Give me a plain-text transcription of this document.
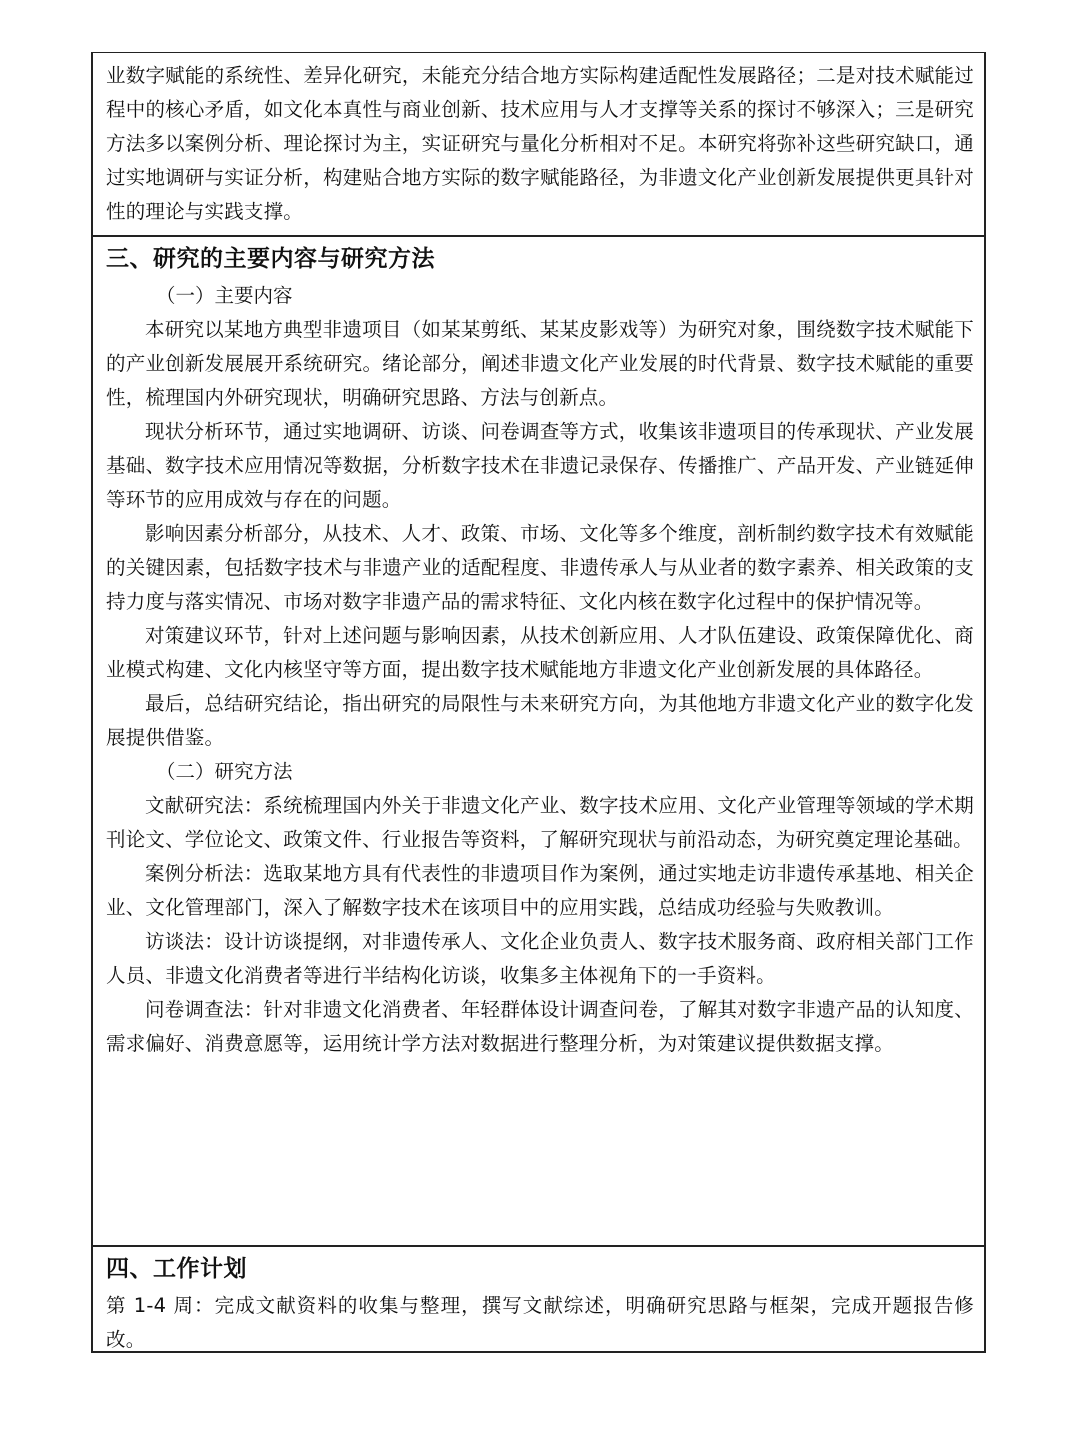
业数字赋能的系统性、差异化研究，未能充分结合地方实际构建适配性发展路径；二是对技术赋能过程中的核心矛盾，如文化本真性与商业创新、技术应用与人才支撑等关系的探讨不够深入；三是研究方法多以案例分析、理论探讨为主，实证研究与量化分析相对不足。本研究将弥补这些研究缺口，通过实地调研与实证分析，构建贴合地方实际的数字赋能路径，为非遗文化产业创新发展提供更具针对性的理论与实践支撑。

三、研究的主要内容与研究方法
（一）主要内容

本研究以某地方典型非遗项目（如某某剪纸、某某皮影戏等）为研究对象，围绕数字技术赋能下的产业创新发展展开系统研究。绪论部分，阐述非遗文化产业发展的时代背景、数字技术赋能的重要性，梳理国内外研究现状，明确研究思路、方法与创新点。

现状分析环节，通过实地调研、访谈、问卷调查等方式，收集该非遗项目的传承现状、产业发展基础、数字技术应用情况等数据，分析数字技术在非遗记录保存、传播推广、产品开发、产业链延伸等环节的应用成效与存在的问题。

影响因素分析部分，从技术、人才、政策、市场、文化等多个维度，剖析制约数字技术有效赋能的关键因素，包括数字技术与非遗产业的适配程度、非遗传承人与从业者的数字素养、相关政策的支持力度与落实情况、市场对数字非遗产品的需求特征、文化内核在数字化过程中的保护情况等。

对策建议环节，针对上述问题与影响因素，从技术创新应用、人才队伍建设、政策保障优化、商业模式构建、文化内核坚守等方面，提出数字技术赋能地方非遗文化产业创新发展的具体路径。

最后，总结研究结论，指出研究的局限性与未来研究方向，为其他地方非遗文化产业的数字化发展提供借鉴。

（二）研究方法

文献研究法：系统梳理国内外关于非遗文化产业、数字技术应用、文化产业管理等领域的学术期刊论文、学位论文、政策文件、行业报告等资料，了解研究现状与前沿动态，为研究奠定理论基础。

案例分析法：选取某地方具有代表性的非遗项目作为案例，通过实地走访非遗传承基地、相关企业、文化管理部门，深入了解数字技术在该项目中的应用实践，总结成功经验与失败教训。

访谈法：设计访谈提纲，对非遗传承人、文化企业负责人、数字技术服务商、政府相关部门工作人员、非遗文化消费者等进行半结构化访谈，收集多主体视角下的一手资料。

问卷调查法：针对非遗文化消费者、年轻群体设计调查问卷，了解其对数字非遗产品的认知度、需求偏好、消费意愿等，运用统计学方法对数据进行整理分析，为对策建议提供数据支撑。

四、工作计划

第 1-4 周：完成文献资料的收集与整理，撰写文献综述，明确研究思路与框架，完成开题报告修改。
